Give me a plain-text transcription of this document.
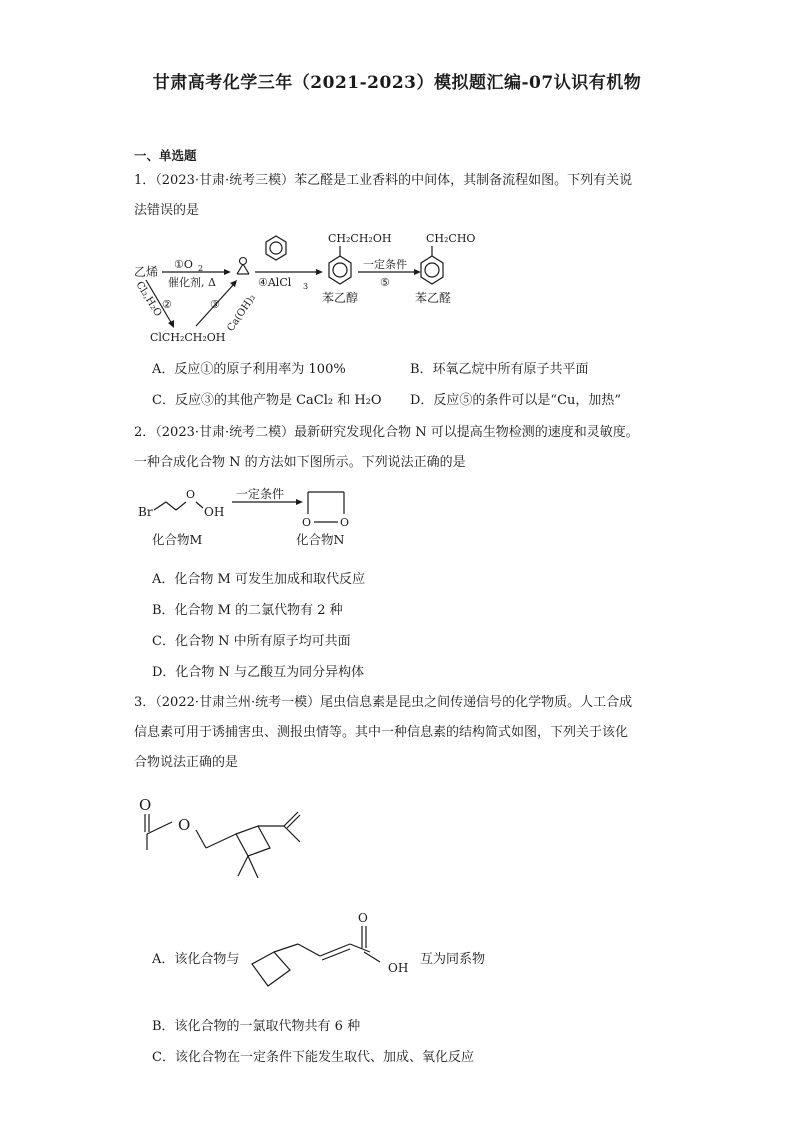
甘肃高考化学三年（2021-2023）模拟题汇编-07认识有机物
一、单选题
1．（2023·甘肃·统考三模）苯乙醛是工业香料的中间体，其制备流程如图。下列有关说
法错误的是
乙烯
①O 2
催化剂, Δ	④AlCl 3
CH₂CH₂OH
苯乙醇
一定条件
⑤
CH₂CHO
苯乙醛
Cl₂,H₂O
②	③ Ca(OH)₂
ClCH₂CH₂OH
A．反应①的原子利用率为 100%	B．环氧乙烷中所有原子共平面
C．反应③的其他产物是 CaCl₂ 和 H₂O D．反应⑤的条件可以是“Cu，加热”
2．（2023·甘肃·统考二模）最新研究发现化合物 N 可以提高生物检测的速度和灵敏度。
一种合成化合物 N 的方法如下图所示。下列说法正确的是
Br
O
OH
一定条件
O	O
化合物M	化合物N
A．化合物 M 可发生加成和取代反应
B．化合物 M 的二氯代物有 2 种
C．化合物 N 中所有原子均可共面
D．化合物 N 与乙酸互为同分异构体
3．（2022·甘肃兰州·统考一模）尾虫信息素是昆虫之间传递信号的化学物质。人工合成
信息素可用于诱捕害虫、测报虫情等。其中一种信息素的结构简式如图，下列关于该化
合物说法正确的是
O
O
A．该化合物与
O
OH
互为同系物
B．该化合物的一氯取代物共有 6 种
C．该化合物在一定条件下能发生取代、加成、氧化反应
